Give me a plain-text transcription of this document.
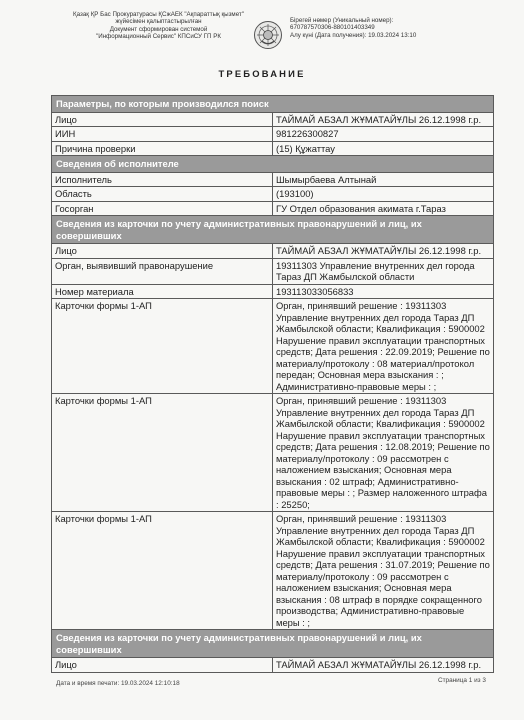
Қазақ ҚР Бас Прокуратурасы ҚСжАЕК "Ақпараттық қызмет"
жүйесімен қалыптастырылған
Документ сформирован системой
"Информационный Сервис" КПСиСУ ГП РК
Бірегей нөмер (Уникальный номер):
670787570306-880101403349
Алу күні (Дата получения): 19.03.2024 13:10
ТРЕБОВАНИЕ
Параметры, по которым производился поиск	
Лицо	ТАЙМАЙ АБЗАЛ ЖҰМАТАЙҰЛЫ 26.12.1998 г.р.
ИИН	981226300827
Причина проверки	(15) Құжаттау
Сведения об исполнителе	
Исполнитель	Шымырбаева Алтынай
Область	(193100)
Госорган	ГУ Отдел образования акимата г.Тараз
Сведения из карточки по учету административных правонарушений и лиц, их совершивших	
Лицо	ТАЙМАЙ АБЗАЛ ЖҰМАТАЙҰЛЫ 26.12.1998 г.р.
Орган, выявивший правонарушение	19311303 Управление внутренних дел города Тараз ДП Жамбылской области
Номер материала	193113033056833
Карточки формы 1-АП	Орган, принявший решение : 19311303 Управление внутренних дел города Тараз ДП Жамбылской области; Квалификация : 5900002 Нарушение правил эксплуатации транспортных средств; Дата решения : 22.09.2019; Решение по материалу/протоколу : 08 материал/протокол передан; Основная мера взыскания : ; Административно-правовые меры : ;
Карточки формы 1-АП	Орган, принявший решение : 19311303 Управление внутренних дел города Тараз ДП Жамбылской области; Квалификация : 5900002 Нарушение правил эксплуатации транспортных средств; Дата решения : 12.08.2019; Решение по материалу/протоколу : 09 рассмотрен с наложением взыскания; Основная мера взыскания : 02 штраф; Административно-правовые меры : ; Размер наложенного штрафа : 25250;
Карточки формы 1-АП	Орган, принявший решение : 19311303 Управление внутренних дел города Тараз ДП Жамбылской области; Квалификация : 5900002 Нарушение правил эксплуатации транспортных средств; Дата решения : 31.07.2019; Решение по материалу/протоколу : 09 рассмотрен с наложением взыскания; Основная мера взыскания : 08 штраф в порядке сокращенного производства; Административно-правовые меры : ;
Сведения из карточки по учету административных правонарушений и лиц, их совершивших	
Лицо	ТАЙМАЙ АБЗАЛ ЖҰМАТАЙҰЛЫ 26.12.1998 г.р.
Дата и время печати: 19.03.2024 12:10:18	Страница 1 из 3
